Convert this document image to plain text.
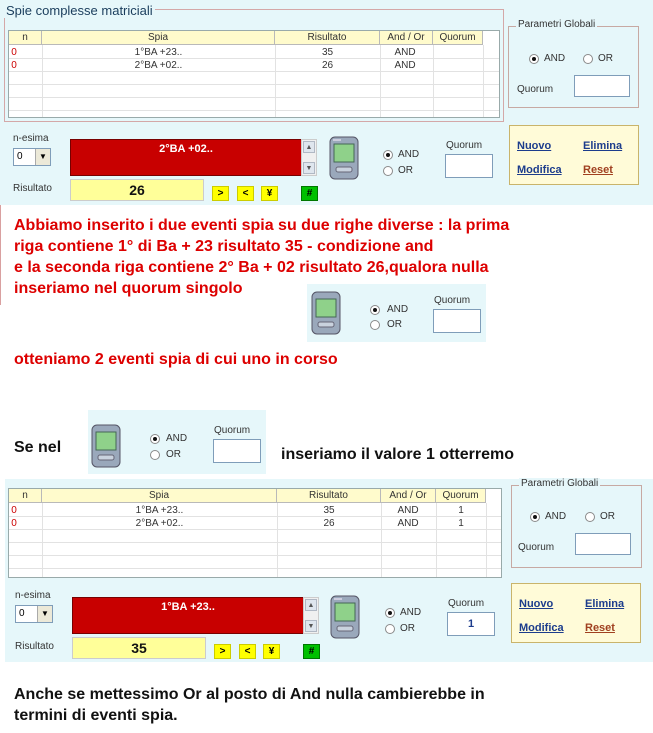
Spie complesse matriciali
n	Spia	Risultato	And / Or	Quorum
0	1°BA +23..	35	AND
0	2°BA +02..	26	AND
Parametri Globali
AND	OR
Quorum
n-esima
0	▼
2°BA +02..	▲
▼
Risultato	26	>	<	¥	#
AND
OR
Quorum	Nuovo	Elimina
Modifica Reset
Abbiamo inserito i due eventi spia su due righe diverse : la prima
riga contiene 1° di Ba + 23 risultato 35 - condizione and
e la seconda riga contiene 2° Ba + 02 risultato 26,qualora nulla
inseriamo nel quorum singolo
AND
OR
Quorum
otteniamo 2 eventi spia di cui uno in corso
Se nel
AND
OR
Quorum
inseriamo il valore 1 otterremo
n	Spia	Risultato	And / Or	Quorum
0	1°BA +23..	35	AND	1
0	2°BA +02..	26	AND	1
Parametri Globali
AND	OR
Quorum
n-esima
0	▼
1°BA +23..	▲
▼
Risultato	35	>	<	¥	#
AND
OR
Quorum
1
Nuovo	Elimina
Modifica Reset
Anche se mettessimo Or al posto di And nulla cambierebbe in
termini di eventi spia.
